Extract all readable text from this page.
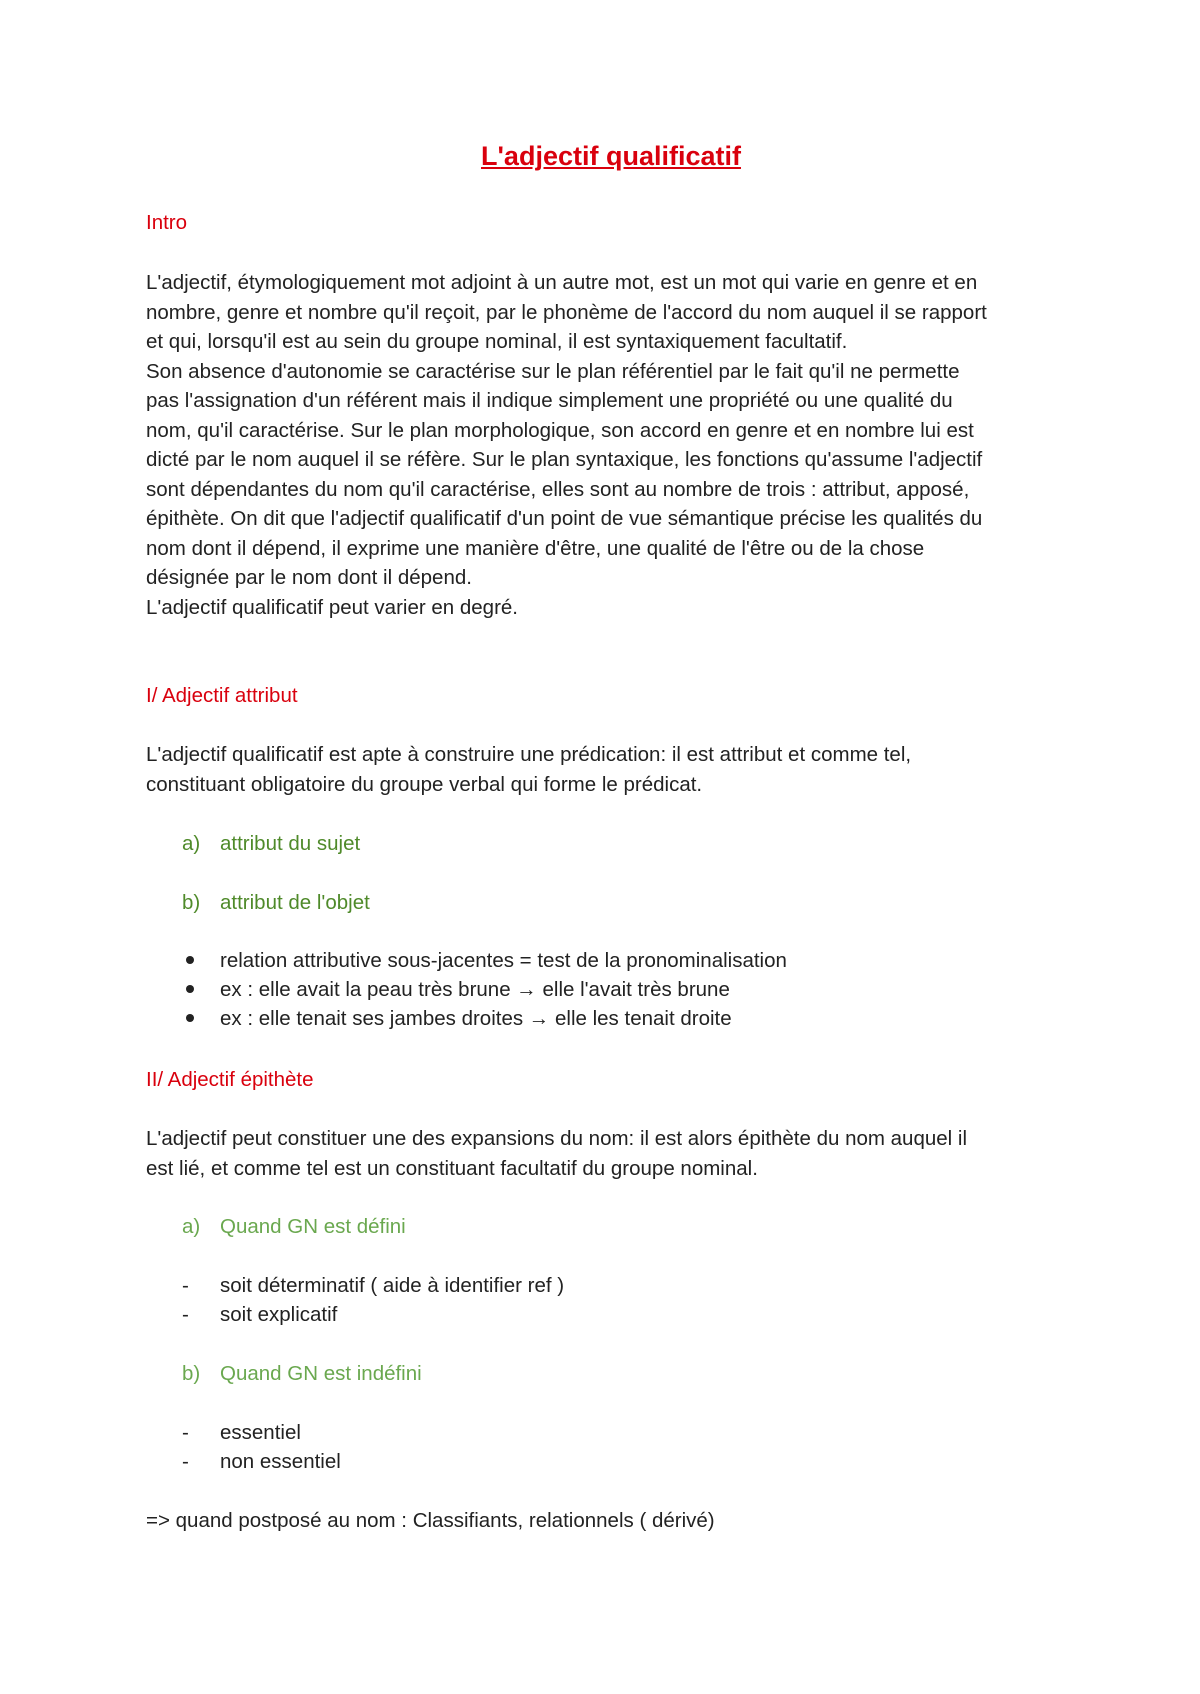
L'adjectif qualificatif
Intro
L'adjectif, étymologiquement mot adjoint à un autre mot, est un mot qui varie en genre et en
nombre, genre et nombre qu'il reçoit, par le phonème de l'accord du nom auquel il se rapport
et qui, lorsqu'il est au sein du groupe nominal, il est syntaxiquement facultatif.
Son absence d'autonomie se caractérise sur le plan référentiel par le fait qu'il ne permette
pas l'assignation d'un référent mais il indique simplement une propriété ou une qualité du
nom, qu'il caractérise. Sur le plan morphologique, son accord en genre et en nombre lui est
dicté par le nom auquel il se réfère. Sur le plan syntaxique, les fonctions qu'assume l'adjectif
sont dépendantes du nom qu'il caractérise, elles sont au nombre de trois : attribut, apposé,
épithète. On dit que l'adjectif qualificatif d'un point de vue sémantique précise les qualités du
nom dont il dépend, il exprime une manière d'être, une qualité de l'être ou de la chose
désignée par le nom dont il dépend.
L'adjectif qualificatif peut varier en degré.
I/ Adjectif attribut
L'adjectif qualificatif est apte à construire une prédication: il est attribut et comme tel,
constituant obligatoire du groupe verbal qui forme le prédicat.
a) attribut du sujet
b) attribut de l'objet
relation attributive sous-jacentes = test de la pronominalisation
ex : elle avait la peau très brune → elle l'avait très brune
ex : elle tenait ses jambes droites → elle les tenait droite
II/ Adjectif épithète
L'adjectif peut constituer une des expansions du nom: il est alors épithète du nom auquel il
est lié, et comme tel est un constituant facultatif du groupe nominal.
a) Quand GN est défini
- soit déterminatif ( aide à identifier ref )
- soit explicatif
b) Quand GN est indéfini
- essentiel
- non essentiel
=> quand postposé au nom : Classifiants, relationnels ( dérivé)
